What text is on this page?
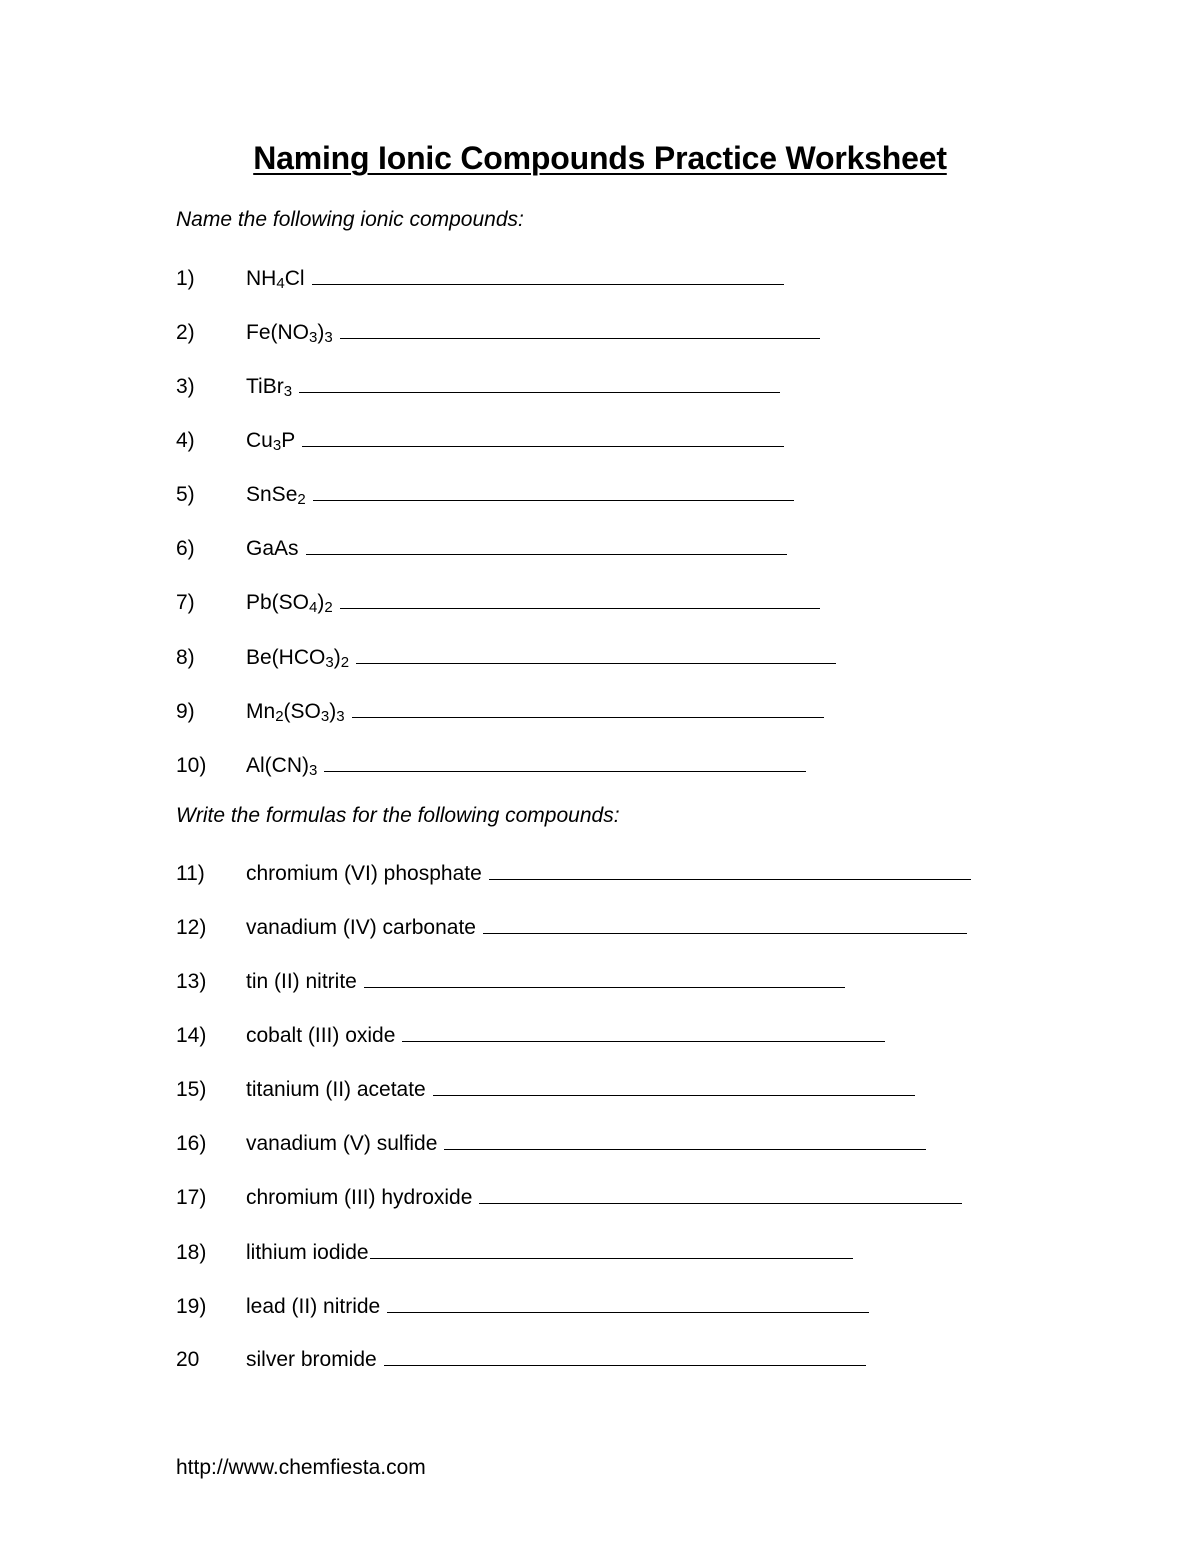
Naming Ionic Compounds Practice Worksheet
Name the following ionic compounds:
1) $NH_4Cl$
2) $Fe(NO_3)_3$
3) TiBr$_3$
4) $Cu_3P$
5) SnSe$_2$
6) GaAs
7) $Pb(SO_4)_2$
8) $Be(HCO_3)_2$
9) $Mn_2(SO_3)_3$
10) $Al(CN)_3$
Write the formulas for the following compounds:
11) chromium (VI) phosphate
12) vanadium (IV) carbonate
13) tin (II) nitrite
14) cobalt (III) oxide
15) titanium (II) acetate
16) vanadium (V) sulfide
17) chromium (III) hydroxide
18) lithium iodide
19) lead (II) nitride
20 silver bromide
http://www.chemfiesta.com
